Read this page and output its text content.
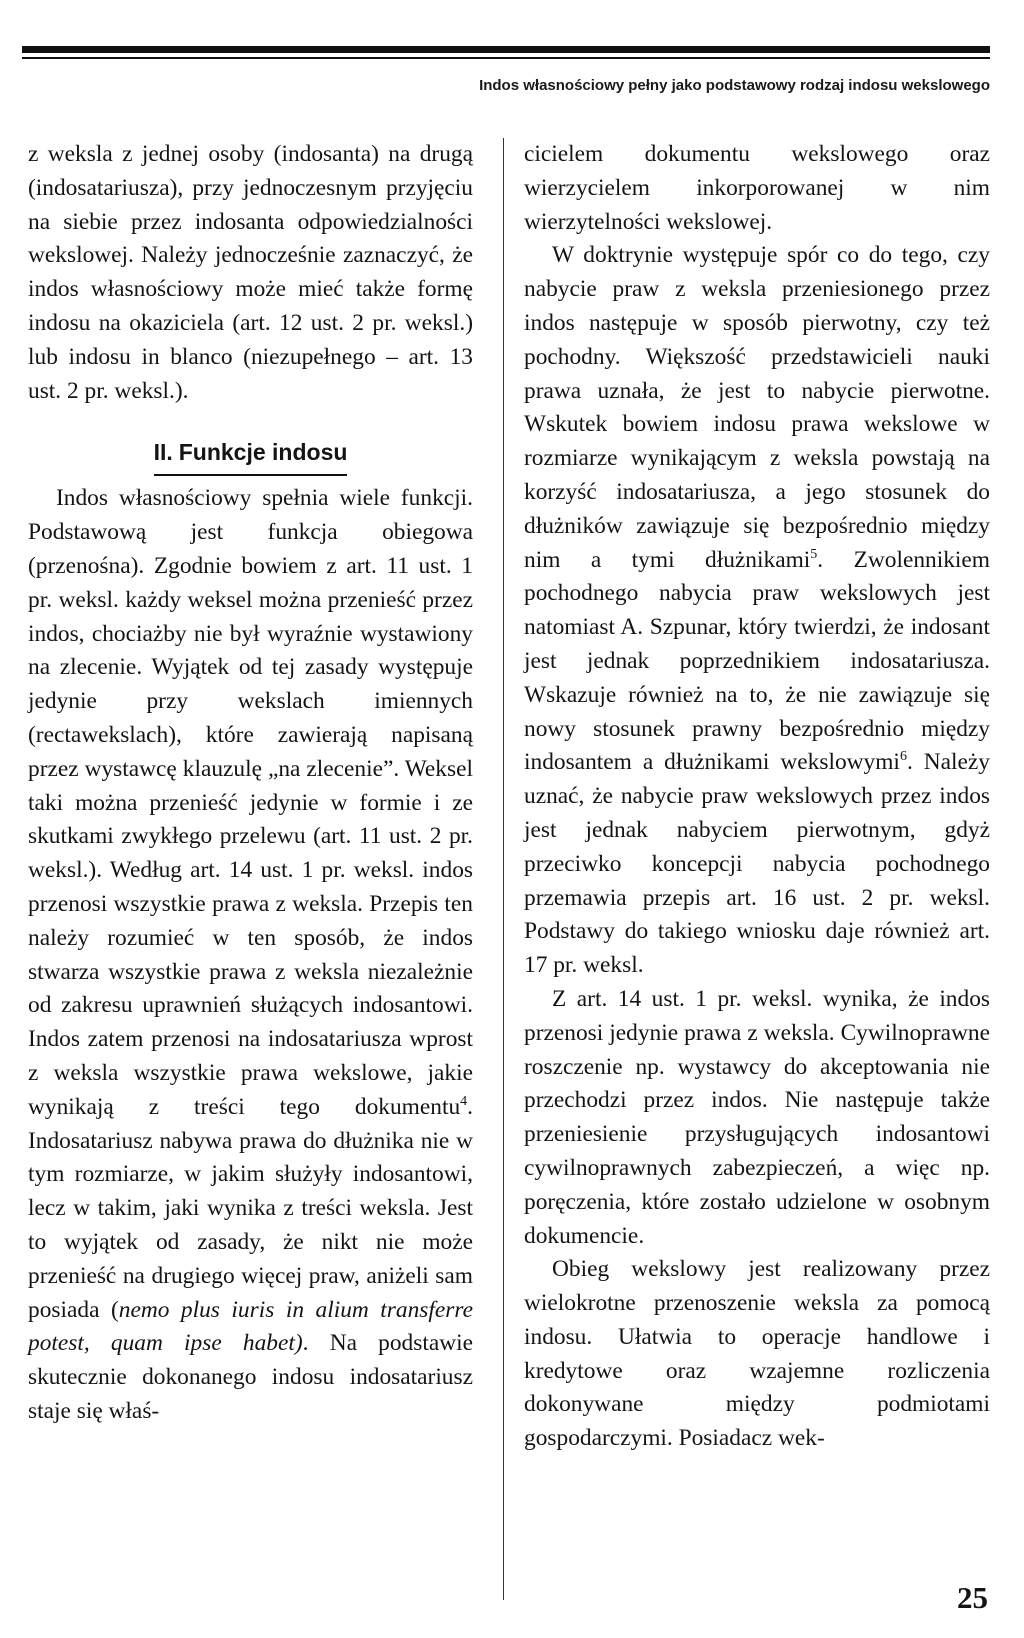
Indos własnościowy pełny jako podstawowy rodzaj indosu wekslowego

z weksla z jednej osoby (indosanta) na drugą (indosatariusza), przy jednoczesnym przyjęciu na siebie przez indosanta odpowiedzialności wekslowej. Należy jednocześnie zaznaczyć, że indos własnościowy może mieć także formę indosu na okaziciela (art. 12 ust. 2 pr. weksl.) lub indosu in blanco (niezupełnego – art. 13 ust. 2 pr. weksl.).

II. Funkcje indosu

Indos własnościowy spełnia wiele funkcji. Podstawową jest funkcja obiegowa (przenośna). Zgodnie bowiem z art. 11 ust. 1 pr. weksl. każdy weksel można przenieść przez indos, chociażby nie był wyraźnie wystawiony na zlecenie. Wyjątek od tej zasady występuje jedynie przy wekslach imiennych (rectawekslach), które zawierają napisaną przez wystawcę klauzulę „na zlecenie”. Weksel taki można przenieść jedynie w formie i ze skutkami zwykłego przelewu (art. 11 ust. 2 pr. weksl.). Według art. 14 ust. 1 pr. weksl. indos przenosi wszystkie prawa z weksla. Przepis ten należy rozumieć w ten sposób, że indos stwarza wszystkie prawa z weksla niezależnie od zakresu uprawnień służących indosantowi. Indos zatem przenosi na indosatariusza wprost z weksla wszystkie prawa wekslowe, jakie wynikają z treści tego dokumentu$^4$. Indosatariusz nabywa prawa do dłużnika nie w tym rozmiarze, w jakim służyły indosantowi, lecz w takim, jaki wynika z treści weksla. Jest to wyjątek od zasady, że nikt nie może przenieść na drugiego więcej praw, aniżeli sam posiada (nemo plus iuris in alium transferre potest, quam ipse habet). Na podstawie skutecznie dokonanego indosu indosatariusz staje się właś-

cicielem dokumentu wekslowego oraz wierzycielem inkorporowanej w nim wierzytelności wekslowej.

W doktrynie występuje spór co do tego, czy nabycie praw z weksla przeniesionego przez indos następuje w sposób pierwotny, czy też pochodny. Większość przedstawicieli nauki prawa uznała, że jest to nabycie pierwotne. Wskutek bowiem indosu prawa wekslowe w rozmiarze wynikającym z weksla powstają na korzyść indosatariusza, a jego stosunek do dłużników zawiązuje się bezpośrednio między nim a tymi dłużnikami$^5$. Zwolennikiem pochodnego nabycia praw wekslowych jest natomiast A. Szpunar, który twierdzi, że indosant jest jednak poprzednikiem indosatariusza. Wskazuje również na to, że nie zawiązuje się nowy stosunek prawny bezpośrednio między indosantem a dłużnikami wekslowymi$^6$. Należy uznać, że nabycie praw wekslowych przez indos jest jednak nabyciem pierwotnym, gdyż przeciwko koncepcji nabycia pochodnego przemawia przepis art. 16 ust. 2 pr. weksl. Podstawy do takiego wniosku daje również art. 17 pr. weksl.

Z art. 14 ust. 1 pr. weksl. wynika, że indos przenosi jedynie prawa z weksla. Cywilnoprawne roszczenie np. wystawcy do akceptowania nie przechodzi przez indos. Nie następuje także przeniesienie przysługujących indosantowi cywilnoprawnych zabezpieczeń, a więc np. poręczenia, które zostało udzielone w osobnym dokumencie.

Obieg wekslowy jest realizowany przez wielokrotne przenoszenie weksla za pomocą indosu. Ułatwia to operacje handlowe i kredytowe oraz wzajemne rozliczenia dokonywane między podmiotami gospodarczymi. Posiadacz wek-

25
